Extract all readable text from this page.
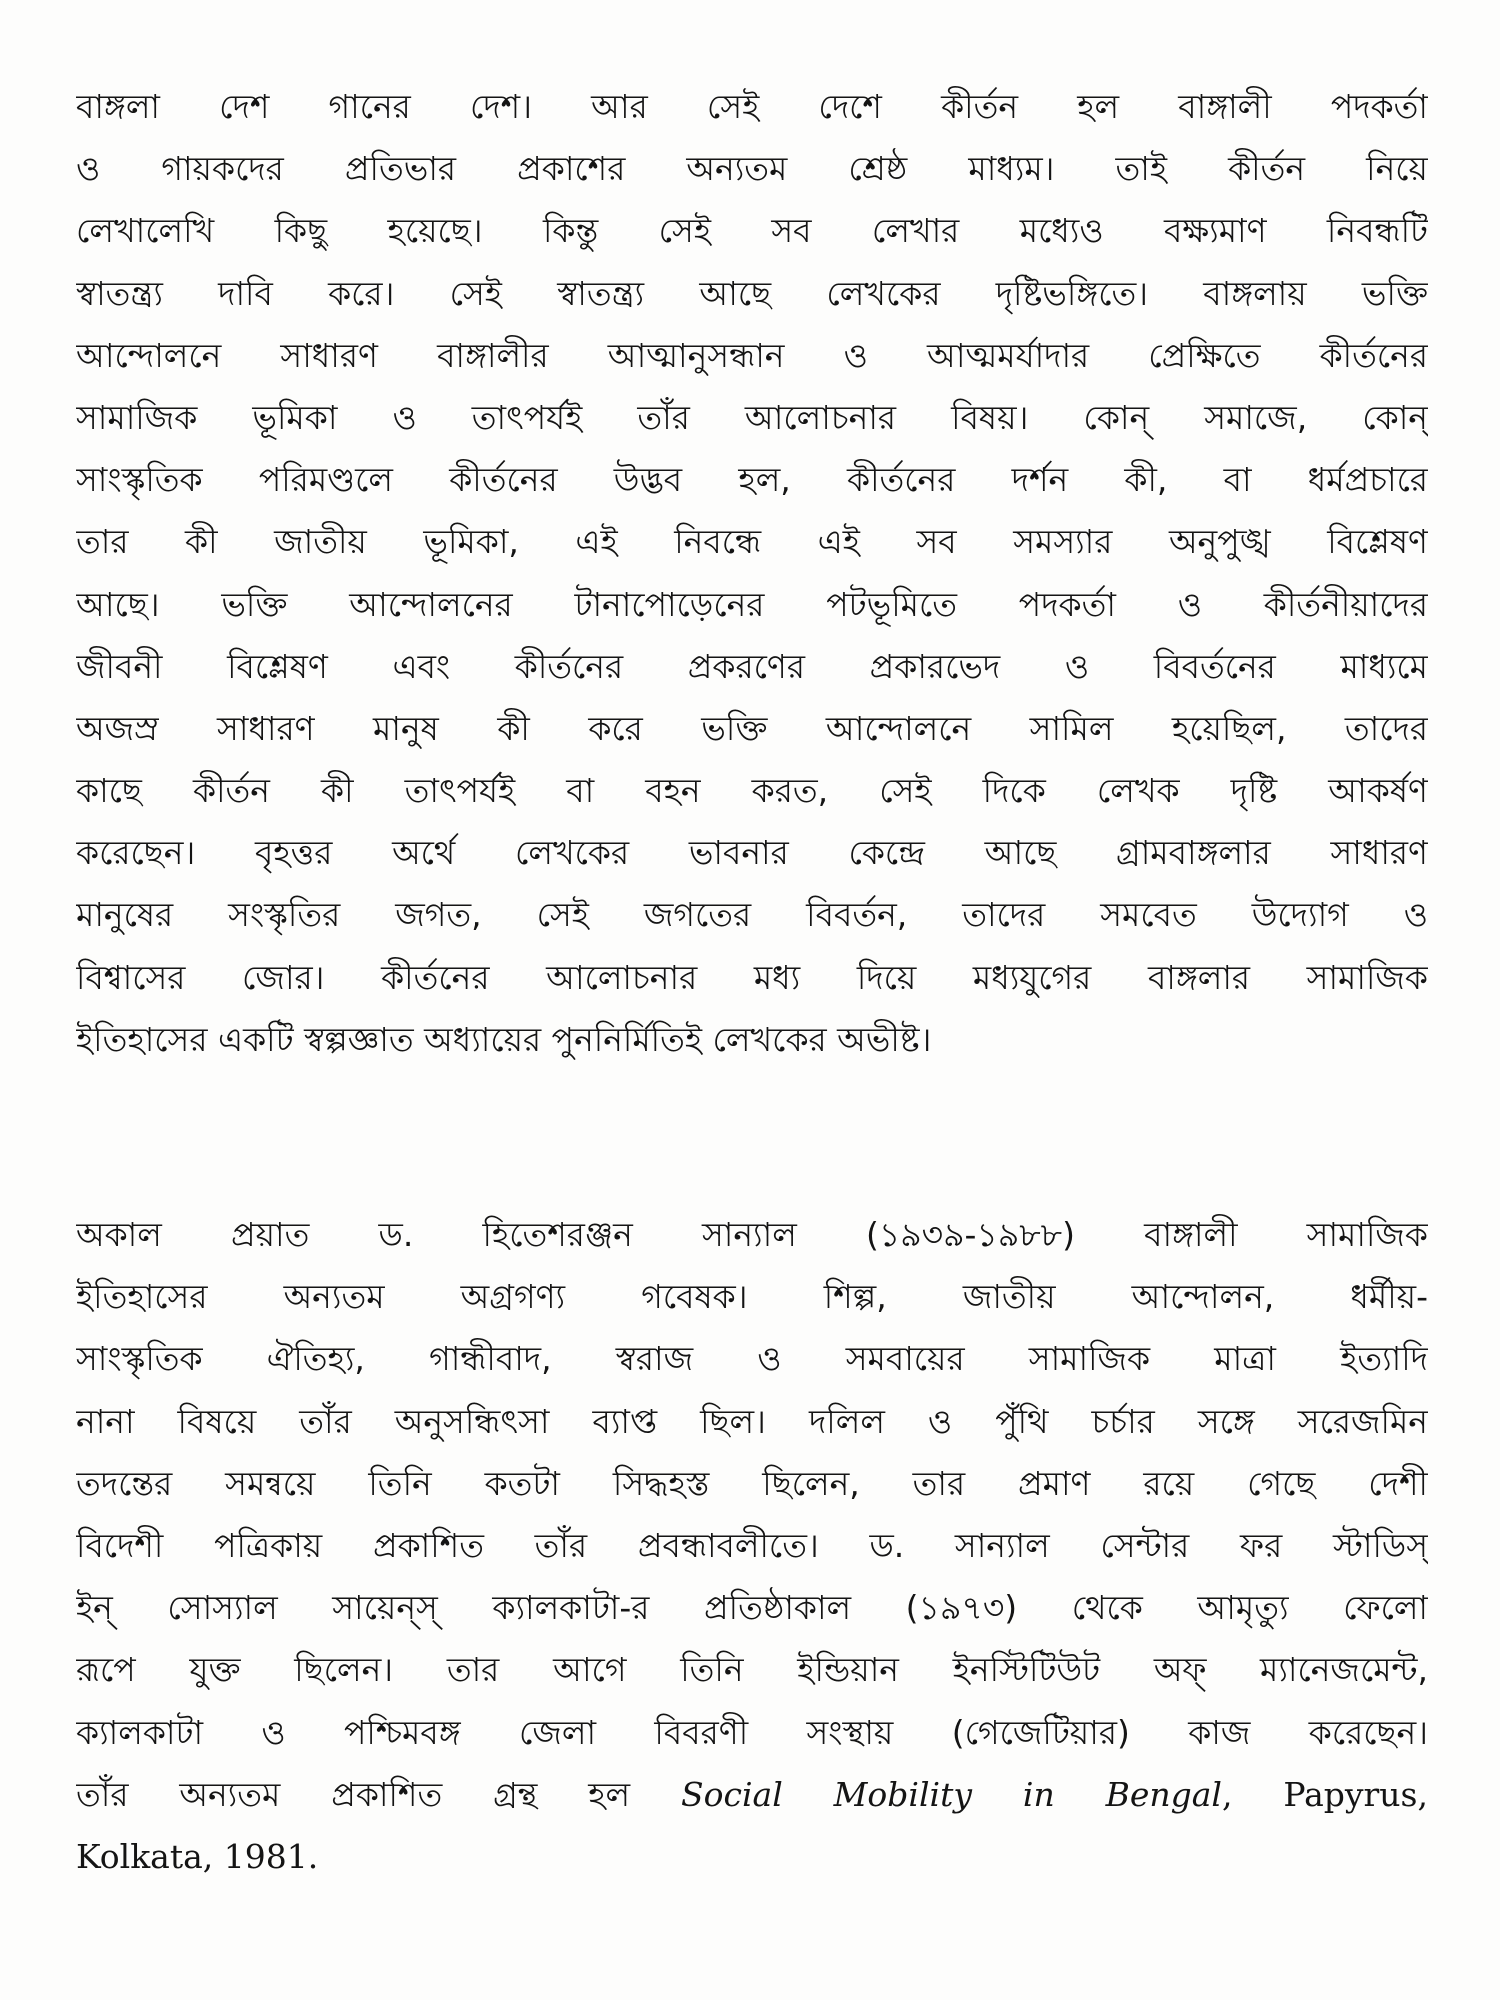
বাঙ্গলা দেশ গানের দেশ। আর সেই দেশে কীর্তন হল বাঙ্গালী পদকর্তা
ও গায়কদের প্রতিভার প্রকাশের অন্যতম শ্রেষ্ঠ মাধ্যম। তাই কীর্তন নিয়ে
লেখালেখি কিছু হয়েছে। কিন্তু সেই সব লেখার মধ্যেও বক্ষ্যমাণ নিবন্ধটি
স্বাতন্ত্র্য দাবি করে। সেই স্বাতন্ত্র্য আছে লেখকের দৃষ্টিভঙ্গিতে। বাঙ্গলায় ভক্তি
আন্দোলনে সাধারণ বাঙ্গালীর আত্মানুসন্ধান ও আত্মমর্যাদার প্রেক্ষিতে কীর্তনের
সামাজিক ভূমিকা ও তাৎপর্যই তাঁর আলোচনার বিষয়। কোন্ সমাজে, কোন্
সাংস্কৃতিক পরিমণ্ডলে কীর্তনের উদ্ভব হল, কীর্তনের দর্শন কী, বা ধর্মপ্রচারে
তার কী জাতীয় ভূমিকা, এই নিবন্ধে এই সব সমস্যার অনুপুঙ্খ বিশ্লেষণ
আছে। ভক্তি আন্দোলনের টানাপোড়েনের পটভূমিতে পদকর্তা ও কীর্তনীয়াদের
জীবনী বিশ্লেষণ এবং কীর্তনের প্রকরণের প্রকারভেদ ও বিবর্তনের মাধ্যমে
অজস্র সাধারণ মানুষ কী করে ভক্তি আন্দোলনে সামিল হয়েছিল, তাদের
কাছে কীর্তন কী তাৎপর্যই বা বহন করত, সেই দিকে লেখক দৃষ্টি আকর্ষণ
করেছেন। বৃহত্তর অর্থে লেখকের ভাবনার কেন্দ্রে আছে গ্রামবাঙ্গলার সাধারণ
মানুষের সংস্কৃতির জগত, সেই জগতের বিবর্তন, তাদের সমবেত উদ্যোগ ও
বিশ্বাসের জোর। কীর্তনের আলোচনার মধ্য দিয়ে মধ্যযুগের বাঙ্গলার সামাজিক
ইতিহাসের একটি স্বল্পজ্ঞাত অধ্যায়ের পুননির্মিতিই লেখকের অভীষ্ট।
অকাল প্রয়াত ড. হিতেশরঞ্জন সান্যাল (১৯৩৯-১৯৮৮) বাঙ্গালী সামাজিক
ইতিহাসের অন্যতম অগ্রগণ্য গবেষক। শিল্প, জাতীয় আন্দোলন, ধর্মীয়-
সাংস্কৃতিক ঐতিহ্য, গান্ধীবাদ, স্বরাজ ও সমবায়ের সামাজিক মাত্রা ইত্যাদি
নানা বিষয়ে তাঁর অনুসন্ধিৎসা ব্যাপ্ত ছিল। দলিল ও পুঁথি চর্চার সঙ্গে সরেজমিন
তদন্তের সমন্বয়ে তিনি কতটা সিদ্ধহস্ত ছিলেন, তার প্রমাণ রয়ে গেছে দেশী
বিদেশী পত্রিকায় প্রকাশিত তাঁর প্রবন্ধাবলীতে। ড. সান্যাল সেন্টার ফর স্টাডিস্
ইন্ সোস্যাল সায়েন্স্ ক্যালকাটা-র প্রতিষ্ঠাকাল (১৯৭৩) থেকে আমৃত্যু ফেলো
রূপে যুক্ত ছিলেন। তার আগে তিনি ইন্ডিয়ান ইনস্টিটিউট অফ্ ম্যানেজমেন্ট,
ক্যালকাটা ও পশ্চিমবঙ্গ জেলা বিবরণী সংস্থায় (গেজেটিয়ার) কাজ করেছেন।
তাঁর অন্যতম প্রকাশিত গ্রন্থ হল Social Mobility in Bengal, Papyrus,
Kolkata, 1981.
